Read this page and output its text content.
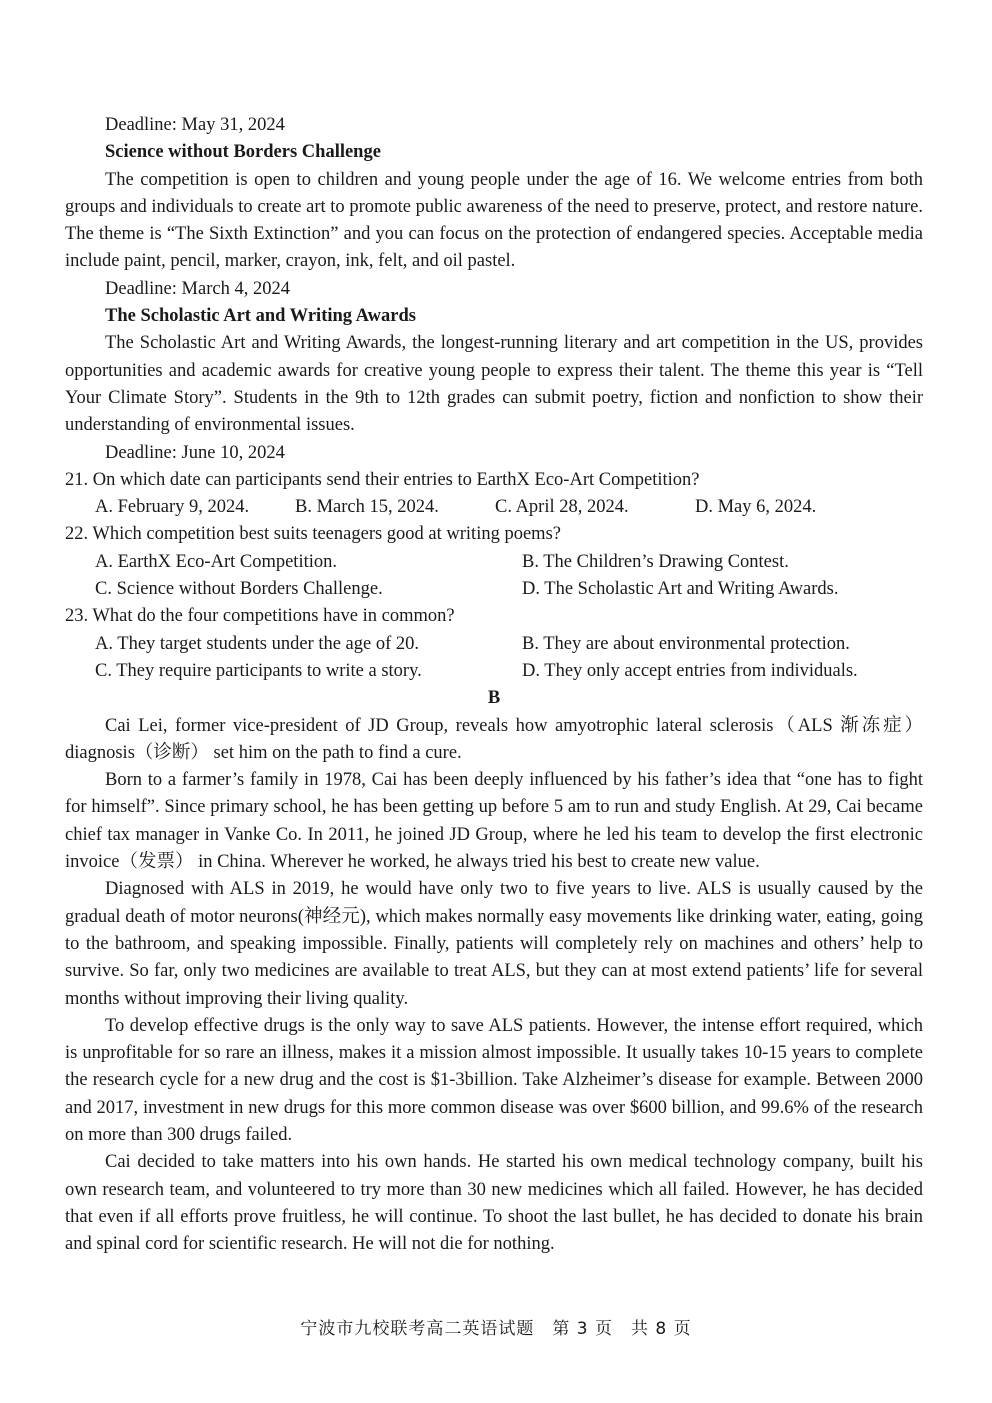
Deadline: May 31, 2024
Science without Borders Challenge

The competition is open to children and young people under the age of 16. We welcome entries from both groups and individuals to create art to promote public awareness of the need to preserve, protect, and restore nature. The theme is “The Sixth Extinction” and you can focus on the protection of endangered species. Acceptable media include paint, pencil, marker, crayon, ink, felt, and oil pastel.

Deadline: March 4, 2024
The Scholastic Art and Writing Awards

The Scholastic Art and Writing Awards, the longest-running literary and art competition in the US, provides opportunities and academic awards for creative young people to express their talent. The theme this year is “Tell Your Climate Story”. Students in the 9th to 12th grades can submit poetry, fiction and nonfiction to show their understanding of environmental issues.

Deadline: June 10, 2024
21. On which date can participants send their entries to EarthX Eco-Art Competition?
A. February 9, 2024.	B. March 15, 2024.	C. April 28, 2024.	D. May 6, 2024.
22. Which competition best suits teenagers good at writing poems?
A. EarthX Eco-Art Competition.	B. The Children’s Drawing Contest.
C. Science without Borders Challenge.	D. The Scholastic Art and Writing Awards.
23. What do the four competitions have in common?
A. They target students under the age of 20.	B. They are about environmental protection.
C. They require participants to write a story.	D. They only accept entries from individuals.
B

Cai Lei, former vice-president of JD Group, reveals how amyotrophic lateral sclerosis（ALS 渐冻症）diagnosis（诊断） set him on the path to find a cure.

Born to a farmer’s family in 1978, Cai has been deeply influenced by his father’s idea that “one has to fight for himself”. Since primary school, he has been getting up before 5 am to run and study English. At 29, Cai became chief tax manager in Vanke Co. In 2011, he joined JD Group, where he led his team to develop the first electronic invoice（发票） in China. Wherever he worked, he always tried his best to create new value.

Diagnosed with ALS in 2019, he would have only two to five years to live. ALS is usually caused by the gradual death of motor neurons(神经元), which makes normally easy movements like drinking water, eating, going to the bathroom, and speaking impossible. Finally, patients will completely rely on machines and others’ help to survive. So far, only two medicines are available to treat ALS, but they can at most extend patients’ life for several months without improving their living quality.

To develop effective drugs is the only way to save ALS patients. However, the intense effort required, which is unprofitable for so rare an illness, makes it a mission almost impossible. It usually takes 10-15 years to complete the research cycle for a new drug and the cost is $1-3billion. Take Alzheimer’s disease for example. Between 2000 and 2017, investment in new drugs for this more common disease was over $600 billion, and 99.6% of the research on more than 300 drugs failed.

Cai decided to take matters into his own hands. He started his own medical technology company, built his own research team, and volunteered to try more than 30 new medicines which all failed. However, he has decided that even if all efforts prove fruitless, he will continue. To shoot the last bullet, he has decided to donate his brain and spinal cord for scientific research. He will not die for nothing.

宁波市九校联考高二英语试题　第 3 页　共 8 页
